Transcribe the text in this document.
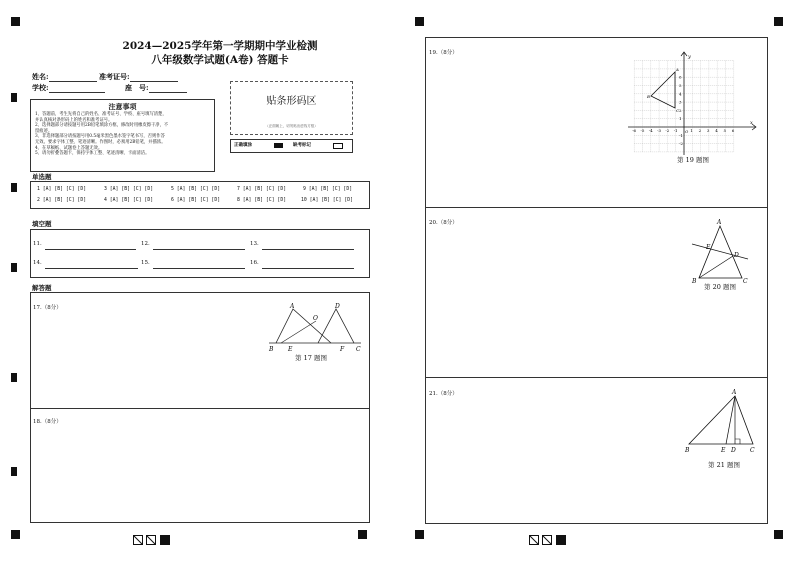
2024—2025学年第一学期期中学业检测
八年级数学试题(A卷) 答题卡
姓名:	准考证号:
学校:	座　号:
注意事项

1、答题前，考生先将自己的姓名、准考证号、学校、座号填写清楚，

并认真核对条形码上的姓名和准考证号。

2、选择题部分请按题号用2B铅笔填涂方框，修改时用橡皮擦干净，不

留痕迹。

3、非选择题部分请按题号用0.5毫米黑色墨水签字笔书写，否则作答

无效。要求字体工整、笔迹清晰。作图时，必须用2B铅笔，并描浓。

4、在草稿纸、试题卷上答题无效。

5、请勿折叠答题卡，保持字体工整、笔迹清晰、卡面清洁。

贴条形码区
（正面朝上，切勿贴出虚线方框）
正确填涂	缺考标记
单选题
1 [A] [B] [C] [D]	3 [A] [B] [C] [D]	5 [A] [B] [C] [D]	7 [A] [B] [C] [D]	9 [A] [B] [C] [D]
2 [A] [B] [C] [D]	4 [A] [B] [C] [D]	6 [A] [B] [C] [D]	8 [A] [B] [C] [D]	10 [A] [B] [C] [D]
填空题
11.	12.	13.
14.	15.	16.
解答题
17.（8分）	A	D
O
B E	F C
第 17 题图
18.（8分）
19.（8分）
y
x
O
A
B
C
-6 -5 -4 -3 -2 -1	1 2 3 4 5 6
6
5
4
3
2
1
-1
-2
第 19 题图
20.（8分）	A
E
D
B	C
第 20 题图
21.（8分）	A
B	E D C
第 21 题图
